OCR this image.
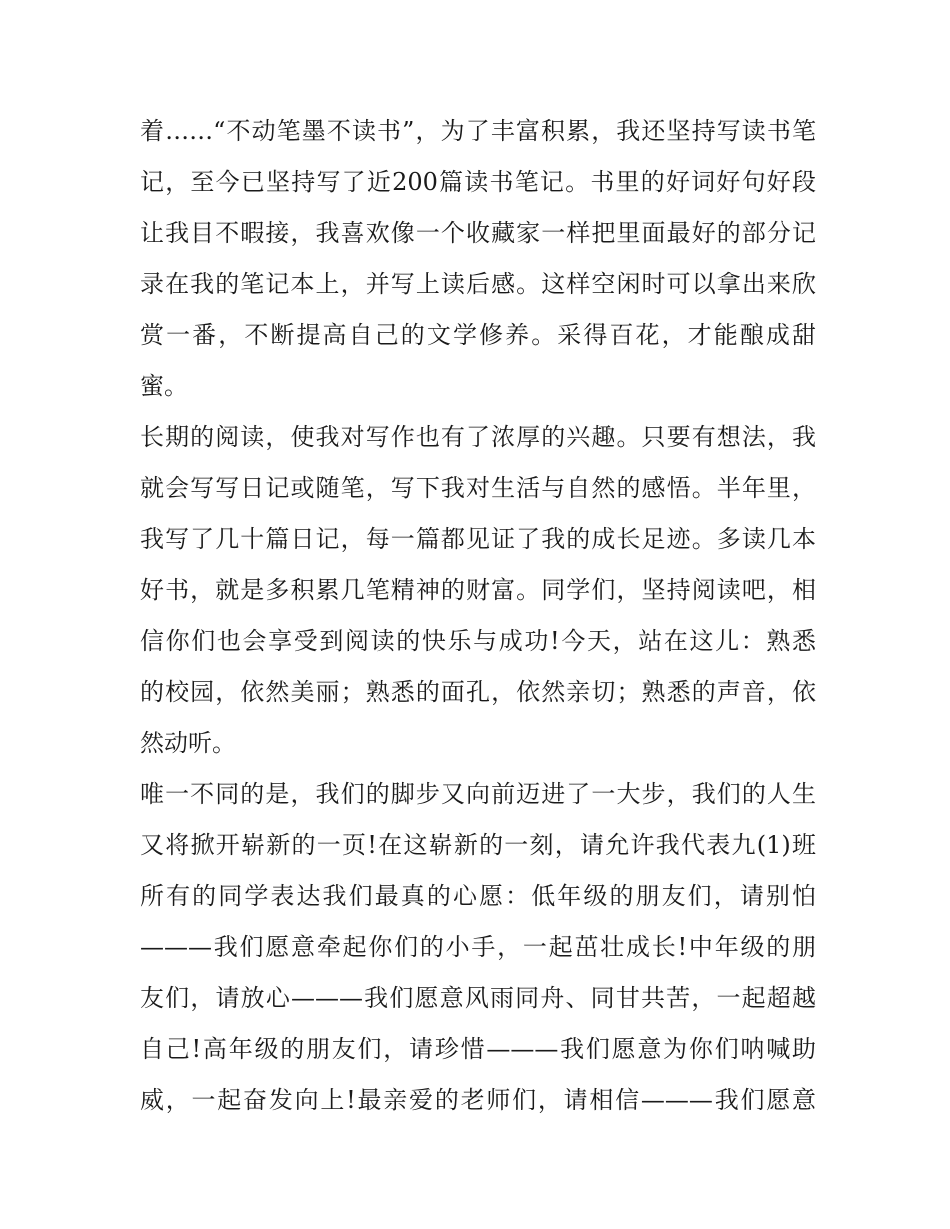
着……“不动笔墨不读书”，为了丰富积累，我还坚持写读书笔
记，至今已坚持写了近200篇读书笔记。书里的好词好句好段
让我目不暇接，我喜欢像一个收藏家一样把里面最好的部分记
录在我的笔记本上，并写上读后感。这样空闲时可以拿出来欣
赏一番，不断提高自己的文学修养。采得百花，才能酿成甜
蜜。
长期的阅读，使我对写作也有了浓厚的兴趣。只要有想法，我
就会写写日记或随笔，写下我对生活与自然的感悟。半年里，
我写了几十篇日记，每一篇都见证了我的成长足迹。多读几本
好书，就是多积累几笔精神的财富。同学们，坚持阅读吧，相
信你们也会享受到阅读的快乐与成功!今天，站在这儿：熟悉
的校园，依然美丽；熟悉的面孔，依然亲切；熟悉的声音，依
然动听。
唯一不同的是，我们的脚步又向前迈进了一大步，我们的人生
又将掀开崭新的一页!在这崭新的一刻，请允许我代表九(1)班
所有的同学表达我们最真的心愿：低年级的朋友们，请别怕
———我们愿意牵起你们的小手，一起茁壮成长!中年级的朋
友们，请放心———我们愿意风雨同舟、同甘共苦，一起超越
自己!高年级的朋友们，请珍惜———我们愿意为你们呐喊助
威，一起奋发向上!最亲爱的老师们，请相信———我们愿意
